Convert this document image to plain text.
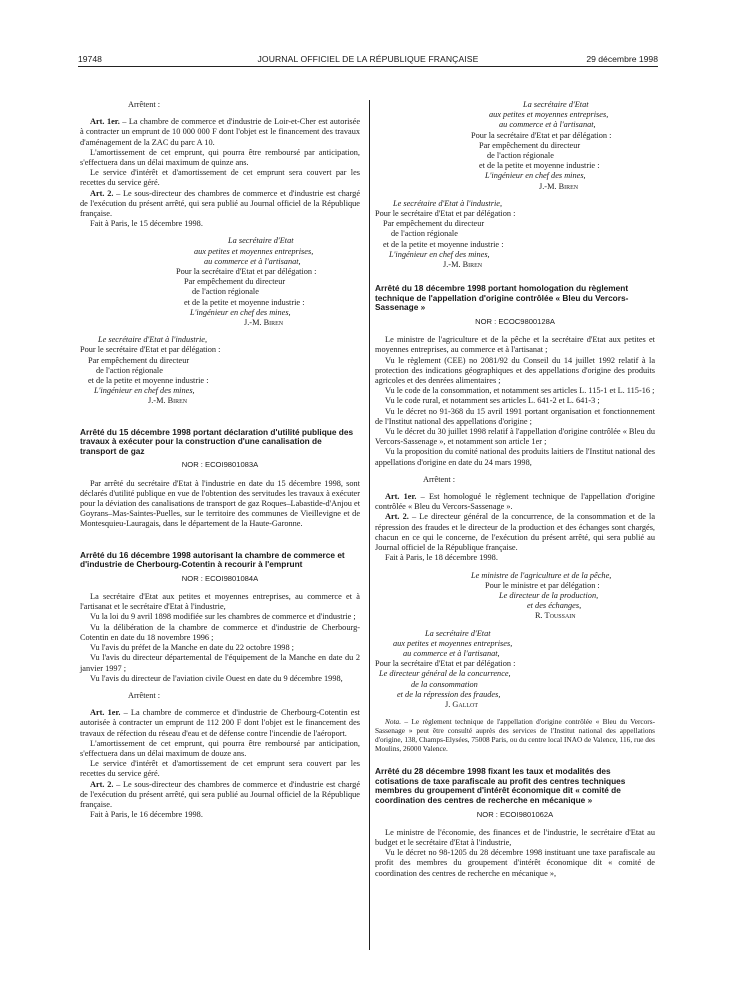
19748	JOURNAL OFFICIEL DE LA RÉPUBLIQUE FRANÇAISE	29 décembre 1998

Arrêtent :

Art. 1er. – La chambre de commerce et d'industrie de Loir-et-Cher est autorisée à contracter un emprunt de 10 000 000 F dont l'objet est le financement des travaux d'aménagement de la ZAC du parc A 10.

L'amortissement de cet emprunt, qui pourra être remboursé par anticipation, s'effectuera dans un délai maximum de quinze ans.

Le service d'intérêt et d'amortissement de cet emprunt sera couvert par les recettes du service géré.

Art. 2. – Le sous-directeur des chambres de commerce et d'industrie est chargé de l'exécution du présent arrêté, qui sera publié au Journal officiel de la République française.

Fait à Paris, le 15 décembre 1998.

La secrétaire d'Etat
aux petites et moyennes entreprises,
au commerce et à l'artisanat,
Pour la secrétaire d'Etat et par délégation :
Par empêchement du directeur
de l'action régionale
et de la petite et moyenne industrie :
L'ingénieur en chef des mines,
J.-M. Biren
Le secrétaire d'Etat à l'industrie,
Pour le secrétaire d'Etat et par délégation :
Par empêchement du directeur
de l'action régionale
et de la petite et moyenne industrie :
L'ingénieur en chef des mines,
J.-M. Biren

Arrêté du 15 décembre 1998 portant déclaration d'utilité publique des travaux à exécuter pour la construction d'une canalisation de transport de gaz

NOR : ECOI9801083A

Par arrêté du secrétaire d'Etat à l'industrie en date du 15 décembre 1998, sont déclarés d'utilité publique en vue de l'obtention des servitudes les travaux à exécuter pour la déviation des canalisations de transport de gaz Roques–Labastide-d'Anjou et Goyrans–Mas-Saintes-Puelles, sur le territoire des communes de Vieillevigne et de Montesquieu-Lauragais, dans le département de la Haute-Garonne.

Arrêté du 16 décembre 1998 autorisant la chambre de commerce et d'industrie de Cherbourg-Cotentin à recourir à l'emprunt

NOR : ECOI9801084A

La secrétaire d'Etat aux petites et moyennes entreprises, au commerce et à l'artisanat et le secrétaire d'Etat à l'industrie,

Vu la loi du 9 avril 1898 modifiée sur les chambres de commerce et d'industrie ;

Vu la délibération de la chambre de commerce et d'industrie de Cherbourg-Cotentin en date du 18 novembre 1996 ;

Vu l'avis du préfet de la Manche en date du 22 octobre 1998 ;

Vu l'avis du directeur départemental de l'équipement de la Manche en date du 2 janvier 1997 ;

Vu l'avis du directeur de l'aviation civile Ouest en date du 9 décembre 1998,

Arrêtent :

Art. 1er. – La chambre de commerce et d'industrie de Cherbourg-Cotentin est autorisée à contracter un emprunt de 112 200 F dont l'objet est le financement des travaux de réfection du réseau d'eau et de défense contre l'incendie de l'aéroport.

L'amortissement de cet emprunt, qui pourra être remboursé par anticipation, s'effectuera dans un délai maximum de douze ans.

Le service d'intérêt et d'amortissement de cet emprunt sera couvert par les recettes du service géré.

Art. 2. – Le sous-directeur des chambres de commerce et d'industrie est chargé de l'exécution du présent arrêté, qui sera publié au Journal officiel de la République française.

Fait à Paris, le 16 décembre 1998.

La secrétaire d'Etat
aux petites et moyennes entreprises,
au commerce et à l'artisanat,
Pour la secrétaire d'Etat et par délégation :
Par empêchement du directeur
de l'action régionale
et de la petite et moyenne industrie :
L'ingénieur en chef des mines,
J.-M. Biren
Le secrétaire d'Etat à l'industrie,
Pour le secrétaire d'Etat et par délégation :
Par empêchement du directeur
de l'action régionale
et de la petite et moyenne industrie :
L'ingénieur en chef des mines,
J.-M. Biren

Arrêté du 18 décembre 1998 portant homologation du règlement technique de l'appellation d'origine contrôlée « Bleu du Vercors-Sassenage »

NOR : ECOC9800128A

Le ministre de l'agriculture et de la pêche et la secrétaire d'Etat aux petites et moyennes entreprises, au commerce et à l'artisanat ;

Vu le règlement (CEE) no 2081/92 du Conseil du 14 juillet 1992 relatif à la protection des indications géographiques et des appellations d'origine des produits agricoles et des denrées alimentaires ;

Vu le code de la consommation, et notamment ses articles L. 115-1 et L. 115-16 ;

Vu le code rural, et notamment ses articles L. 641-2 et L. 641-3 ;

Vu le décret no 91-368 du 15 avril 1991 portant organisation et fonctionnement de l'Institut national des appellations d'origine ;

Vu le décret du 30 juillet 1998 relatif à l'appellation d'origine contrôlée « Bleu du Vercors-Sassenage », et notamment son article 1er ;

Vu la proposition du comité national des produits laitiers de l'Institut national des appellations d'origine en date du 24 mars 1998,

Arrêtent :

Art. 1er. – Est homologué le règlement technique de l'appellation d'origine contrôlée « Bleu du Vercors-Sassenage ».

Art. 2. – Le directeur général de la concurrence, de la consommation et de la répression des fraudes et le directeur de la production et des échanges sont chargés, chacun en ce qui le concerne, de l'exécution du présent arrêté, qui sera publié au Journal officiel de la République française.

Fait à Paris, le 18 décembre 1998.

Le ministre de l'agriculture et de la pêche,
Pour le ministre et par délégation :
Le directeur de la production,
et des échanges,
R. Toussain
La secrétaire d'Etat
aux petites et moyennes entreprises,
au commerce et à l'artisanat,
Pour la secrétaire d'Etat et par délégation :
Le directeur général de la concurrence,
de la consommation
et de la répression des fraudes,
J. Gallot

Nota. – Le règlement technique de l'appellation d'origine contrôlée « Bleu du Vercors-Sassenage » peut être consulté auprès des services de l'Institut national des appellations d'origine, 138, Champs-Elysées, 75008 Paris, ou du centre local INAO de Valence, 116, rue des Moulins, 26000 Valence.

Arrêté du 28 décembre 1998 fixant les taux et modalités des cotisations de taxe parafiscale au profit des centres techniques membres du groupement d'intérêt économique dit « comité de coordination des centres de recherche en mécanique »

NOR : ECOI9801062A

Le ministre de l'économie, des finances et de l'industrie, le secrétaire d'Etat au budget et le secrétaire d'Etat à l'industrie,

Vu le décret no 98-1205 du 28 décembre 1998 instituant une taxe parafiscale au profit des membres du groupement d'intérêt économique dit « comité de coordination des centres de recherche en mécanique »,
